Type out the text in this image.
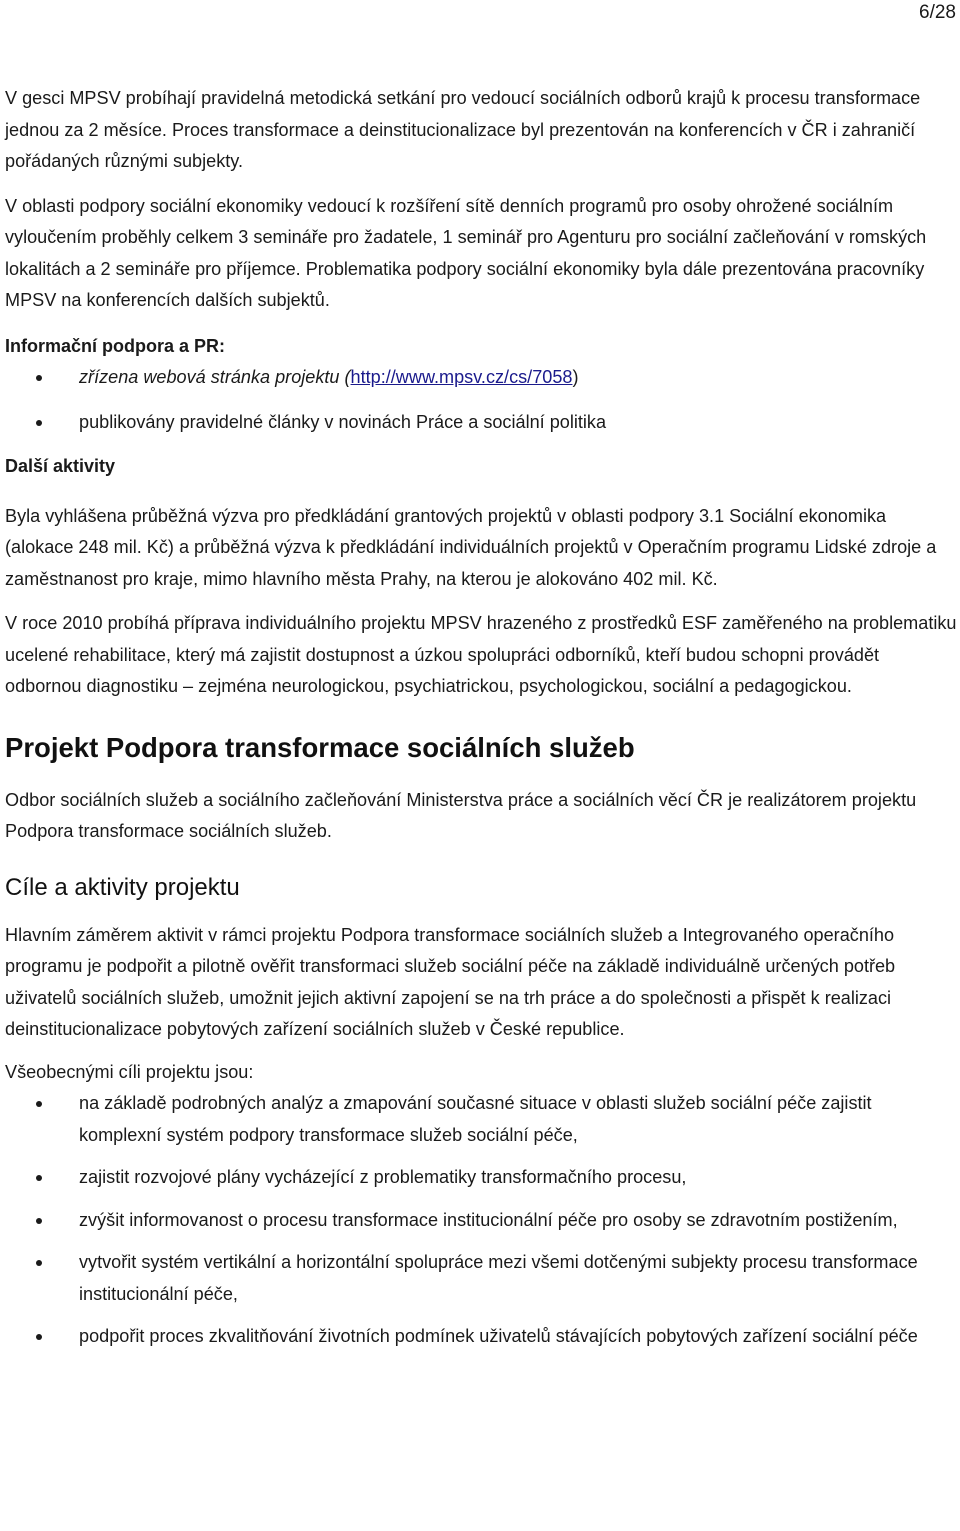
6/28

V gesci MPSV probíhají pravidelná metodická setkání pro vedoucí sociálních odborů krajů k procesu transformace jednou za 2 měsíce. Proces transformace a deinstitucionalizace byl prezentován na konferencích v ČR i zahraničí pořádaných různými subjekty.

V oblasti podpory sociální ekonomiky vedoucí k rozšíření sítě denních programů pro osoby ohrožené sociálním vyloučením proběhly celkem 3 semináře pro žadatele, 1 seminář pro Agenturu pro sociální začleňování v romských lokalitách a 2 semináře pro příjemce. Problematika podpory sociální ekonomiky byla dále prezentována pracovníky MPSV na konferencích dalších subjektů.

Informační podpora a PR:
zřízena webová stránka projektu (http://www.mpsv.cz/cs/7058)
publikovány pravidelné články v novinách Práce a sociální politika
Další aktivity

Byla vyhlášena průběžná výzva pro předkládání grantových projektů v oblasti podpory 3.1 Sociální ekonomika (alokace 248 mil. Kč) a průběžná výzva k předkládání individuálních projektů v Operačním programu Lidské zdroje a zaměstnanost pro kraje, mimo hlavního města Prahy, na kterou je alokováno 402 mil. Kč.

V roce 2010 probíhá příprava individuálního projektu MPSV hrazeného z prostředků ESF zaměřeného na problematiku ucelené rehabilitace, který má zajistit dostupnost a úzkou spolupráci odborníků, kteří budou schopni provádět odbornou diagnostiku – zejména neurologickou, psychiatrickou, psychologickou, sociální a pedagogickou.

Projekt Podpora transformace sociálních služeb

Odbor sociálních služeb a sociálního začleňování Ministerstva práce a sociálních věcí ČR je realizátorem projektu Podpora transformace sociálních služeb.

Cíle a aktivity projektu

Hlavním záměrem aktivit v rámci projektu Podpora transformace sociálních služeb a Integrovaného operačního programu je podpořit a pilotně ověřit transformaci služeb sociální péče na základě individuálně určených potřeb uživatelů sociálních služeb, umožnit jejich aktivní zapojení se na trh práce a do společnosti a přispět k realizaci deinstitucionalizace pobytových zařízení sociálních služeb v České republice.

Všeobecnými cíli projektu jsou:

na základě podrobných analýz a zmapování současné situace v oblasti služeb sociální péče zajistit komplexní systém podpory transformace služeb sociální péče,
zajistit rozvojové plány vycházející z problematiky transformačního procesu,
zvýšit informovanost o procesu transformace institucionální péče pro osoby se zdravotním postižením,
vytvořit systém vertikální a horizontální spolupráce mezi všemi dotčenými subjekty procesu transformace institucionální péče,
podpořit proces zkvalitňování životních podmínek uživatelů stávajících pobytových zařízení sociální péče
